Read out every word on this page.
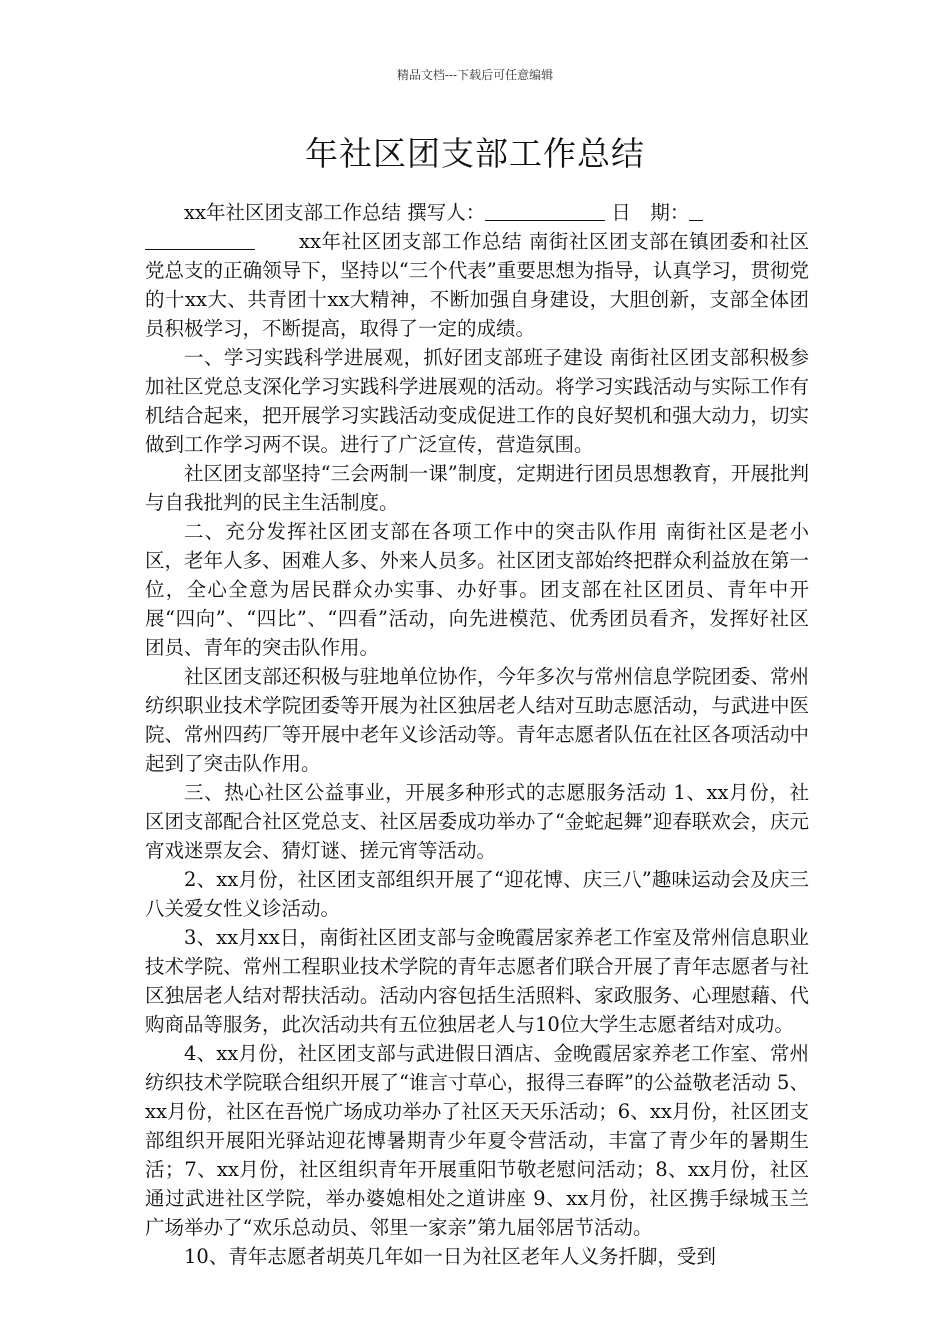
精品文档---下载后可任意编辑
年社区团支部工作总结

xx年社区团支部工作总结 撰写人：	日　期：

xx年社区团支部工作总结 南街社区团支部在镇团委和社区党总支的正确领导下，坚持以“三个代表”重要思想为指导，认真学习，贯彻党的十xx大、共青团十xx大精神，不断加强自身建设，大胆创新，支部全体团员积极学习，不断提高，取得了一定的成绩。

一、学习实践科学进展观，抓好团支部班子建设 南街社区团支部积极参加社区党总支深化学习实践科学进展观的活动。将学习实践活动与实际工作有机结合起来，把开展学习实践活动变成促进工作的良好契机和强大动力，切实做到工作学习两不误。进行了广泛宣传，营造氛围。

社区团支部坚持“三会两制一课”制度，定期进行团员思想教育，开展批判与自我批判的民主生活制度。

二、充分发挥社区团支部在各项工作中的突击队作用 南街社区是老小区，老年人多、困难人多、外来人员多。社区团支部始终把群众利益放在第一位，全心全意为居民群众办实事、办好事。团支部在社区团员、青年中开展“四向”、“四比”、“四看”活动，向先进模范、优秀团员看齐，发挥好社区团员、青年的突击队作用。

社区团支部还积极与驻地单位协作，今年多次与常州信息学院团委、常州纺织职业技术学院团委等开展为社区独居老人结对互助志愿活动，与武进中医院、常州四药厂等开展中老年义诊活动等。青年志愿者队伍在社区各项活动中起到了突击队作用。

三、热心社区公益事业，开展多种形式的志愿服务活动 1、xx月份，社区团支部配合社区党总支、社区居委成功举办了“金蛇起舞”迎春联欢会，庆元宵戏迷票友会、猜灯谜、搓元宵等活动。

2、xx月份，社区团支部组织开展了“迎花博、庆三八”趣味运动会及庆三八关爱女性义诊活动。

3、xx月xx日，南街社区团支部与金晚霞居家养老工作室及常州信息职业技术学院、常州工程职业技术学院的青年志愿者们联合开展了青年志愿者与社区独居老人结对帮扶活动。活动内容包括生活照料、家政服务、心理慰藉、代购商品等服务，此次活动共有五位独居老人与10位大学生志愿者结对成功。

4、xx月份，社区团支部与武进假日酒店、金晚霞居家养老工作室、常州纺织技术学院联合组织开展了“谁言寸草心，报得三春晖”的公益敬老活动 5、xx月份，社区在吾悦广场成功举办了社区天天乐活动；6、xx月份，社区团支部组织开展阳光驿站迎花博暑期青少年夏令营活动，丰富了青少年的暑期生活；7、xx月份，社区组织青年开展重阳节敬老慰问活动；8、xx月份，社区通过武进社区学院，举办婆媳相处之道讲座 9、xx月份，社区携手绿城玉兰广场举办了“欢乐总动员、邻里一家亲”第九届邻居节活动。

10、青年志愿者胡英几年如一日为社区老年人义务扦脚，受到
